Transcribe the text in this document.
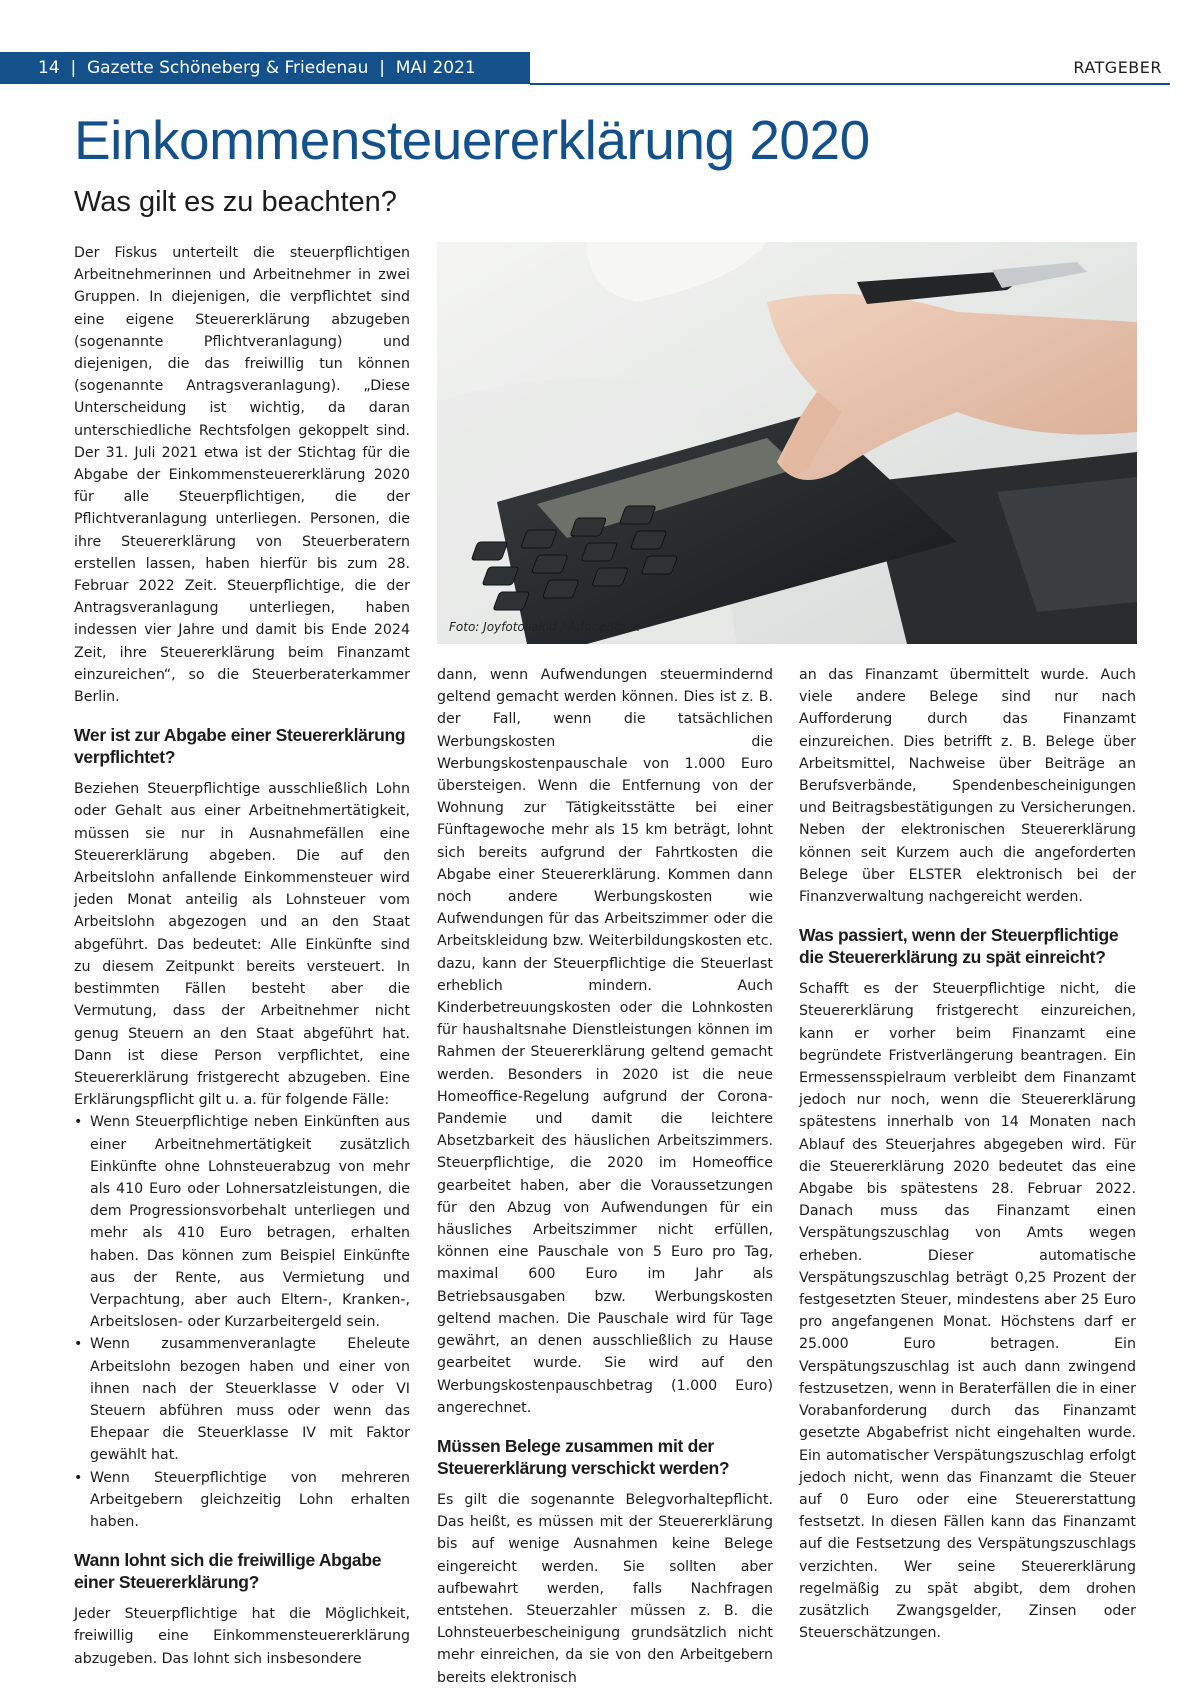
14  |  Gazette Schöneberg & Friedenau  |  MAI 2021	RATGEBER
Einkommensteuererklärung 2020
Was gilt es zu beachten?

Der Fiskus unterteilt die steuerpflichtigen Arbeitnehmerinnen und Arbeitnehmer in zwei Gruppen. In diejenigen, die verpflichtet sind eine eigene Steuererklärung abzugeben (sogenannte Pflichtveranlagung) und diejenigen, die das freiwillig tun können (sogenannte Antragsveranlagung). „Diese Unterscheidung ist wichtig, da daran unterschiedliche Rechtsfolgen gekoppelt sind. Der 31. Juli 2021 etwa ist der Stichtag für die Abgabe der Einkommensteuererklärung 2020 für alle Steuerpflichtigen, die der Pflichtveranlagung unterliegen. Personen, die ihre Steuererklärung von Steuerberatern erstellen lassen, haben hierfür bis zum 28. Februar 2022 Zeit. Steuerpflichtige, die der Antragsveranlagung unterliegen, haben indessen vier Jahre und damit bis Ende 2024 Zeit, ihre Steuererklärung beim Finanzamt einzureichen“, so die Steuerberaterkammer Berlin.

Wer ist zur Abgabe einer Steuererklärung verpflichtet?

Beziehen Steuerpflichtige ausschließlich Lohn oder Gehalt aus einer Arbeitnehmertätigkeit, müssen sie nur in Ausnahmefällen eine Steuererklärung abgeben. Die auf den Arbeitslohn anfallende Einkommensteuer wird jeden Monat anteilig als Lohnsteuer vom Arbeitslohn abgezogen und an den Staat abgeführt. Das bedeutet: Alle Einkünfte sind zu diesem Zeitpunkt bereits versteuert. In bestimmten Fällen besteht aber die Vermutung, dass der Arbeitnehmer nicht genug Steuern an den Staat abgeführt hat. Dann ist diese Person verpflichtet, eine Steuererklärung fristgerecht abzugeben. Eine Erklärungspflicht gilt u. a. für folgende Fälle:

• Wenn Steuerpflichtige neben Einkünften aus einer Arbeitnehmertätigkeit zusätzlich Einkünfte ohne Lohnsteuerabzug von mehr als 410 Euro oder Lohnersatzleistungen, die dem Progressionsvorbehalt unterliegen und mehr als 410 Euro betragen, erhalten haben. Das können zum Beispiel Einkünfte aus der Rente, aus Vermietung und Verpachtung, aber auch Eltern-, Kranken-, Arbeitslosen- oder Kurzarbeitergeld sein.
• Wenn zusammenveranlagte Eheleute Arbeitslohn bezogen haben und einer von ihnen nach der Steuerklasse V oder VI Steuern abführen muss oder wenn das Ehepaar die Steuerklasse IV mit Faktor gewählt hat.
• Wenn Steuerpflichtige von mehreren Arbeitgebern gleichzeitig Lohn erhalten haben.
Wann lohnt sich die freiwillige Abgabe einer Steuererklärung?

Jeder Steuerpflichtige hat die Möglichkeit, freiwillig eine Einkommensteuererklärung abzugeben. Das lohnt sich insbesondere

Foto: Joyfotoliakid / AdobeStock

dann, wenn Aufwendungen steuermindernd geltend gemacht werden können. Dies ist z. B. der Fall, wenn die tatsächlichen Werbungskosten die Werbungskostenpauschale von 1.000 Euro übersteigen. Wenn die Entfernung von der Wohnung zur Tätigkeitsstätte bei einer Fünftagewoche mehr als 15 km beträgt, lohnt sich bereits aufgrund der Fahrtkosten die Abgabe einer Steuererklärung. Kommen dann noch andere Werbungskosten wie Aufwendungen für das Arbeitszimmer oder die Arbeitskleidung bzw. Weiterbildungskosten etc. dazu, kann der Steuerpflichtige die Steuerlast erheblich mindern. Auch Kinderbetreuungskosten oder die Lohnkosten für haushaltsnahe Dienstleistungen können im Rahmen der Steuererklärung geltend gemacht werden. Besonders in 2020 ist die neue Homeoffice-Regelung aufgrund der Corona-Pandemie und damit die leichtere Absetzbarkeit des häuslichen Arbeitszimmers. Steuerpflichtige, die 2020 im Homeoffice gearbeitet haben, aber die Voraussetzungen für den Abzug von Aufwendungen für ein häusliches Arbeitszimmer nicht erfüllen, können eine Pauschale von 5 Euro pro Tag, maximal 600 Euro im Jahr als Betriebsausgaben bzw. Werbungskosten geltend machen. Die Pauschale wird für Tage gewährt, an denen ausschließlich zu Hause gearbeitet wurde. Sie wird auf den Werbungskostenpauschbetrag (1.000 Euro) angerechnet.

Müssen Belege zusammen mit der Steuererklärung verschickt werden?

Es gilt die sogenannte Belegvorhaltepflicht. Das heißt, es müssen mit der Steuererklärung bis auf wenige Ausnahmen keine Belege eingereicht werden. Sie sollten aber aufbewahrt werden, falls Nachfragen entstehen. Steuerzahler müssen z. B. die Lohnsteuerbescheinigung grundsätzlich nicht mehr einreichen, da sie von den Arbeitgebern bereits elektronisch

an das Finanzamt übermittelt wurde. Auch viele andere Belege sind nur nach Aufforderung durch das Finanzamt einzureichen. Dies betrifft z. B. Belege über Arbeitsmittel, Nachweise über Beiträge an Berufsverbände, Spendenbescheinigungen und Beitragsbestätigungen zu Versicherungen. Neben der elektronischen Steuererklärung können seit Kurzem auch die angeforderten Belege über ELSTER elektronisch bei der Finanzverwaltung nachgereicht werden.

Was passiert, wenn der Steuerpflichtige die Steuererklärung zu spät einreicht?

Schafft es der Steuerpflichtige nicht, die Steuererklärung fristgerecht einzureichen, kann er vorher beim Finanzamt eine begründete Fristverlängerung beantragen. Ein Ermessensspielraum verbleibt dem Finanzamt jedoch nur noch, wenn die Steuererklärung spätestens innerhalb von 14 Monaten nach Ablauf des Steuerjahres abgegeben wird. Für die Steuererklärung 2020 bedeutet das eine Abgabe bis spätestens 28. Februar 2022. Danach muss das Finanzamt einen Verspätungszuschlag von Amts wegen erheben. Dieser automatische Verspätungszuschlag beträgt 0,25 Prozent der festgesetzten Steuer, mindestens aber 25 Euro pro angefangenen Monat. Höchstens darf er 25.000 Euro betragen. Ein Verspätungszuschlag ist auch dann zwingend festzusetzen, wenn in Beraterfällen die in einer Vorabanforderung durch das Finanzamt gesetzte Abgabefrist nicht eingehalten wurde. Ein automatischer Verspätungszuschlag erfolgt jedoch nicht, wenn das Finanzamt die Steuer auf 0 Euro oder eine Steuererstattung festsetzt. In diesen Fällen kann das Finanzamt auf die Festsetzung des Verspätungszuschlags verzichten. Wer seine Steuererklärung regelmäßig zu spät abgibt, dem drohen zusätzlich Zwangsgelder, Zinsen oder Steuerschätzungen.
